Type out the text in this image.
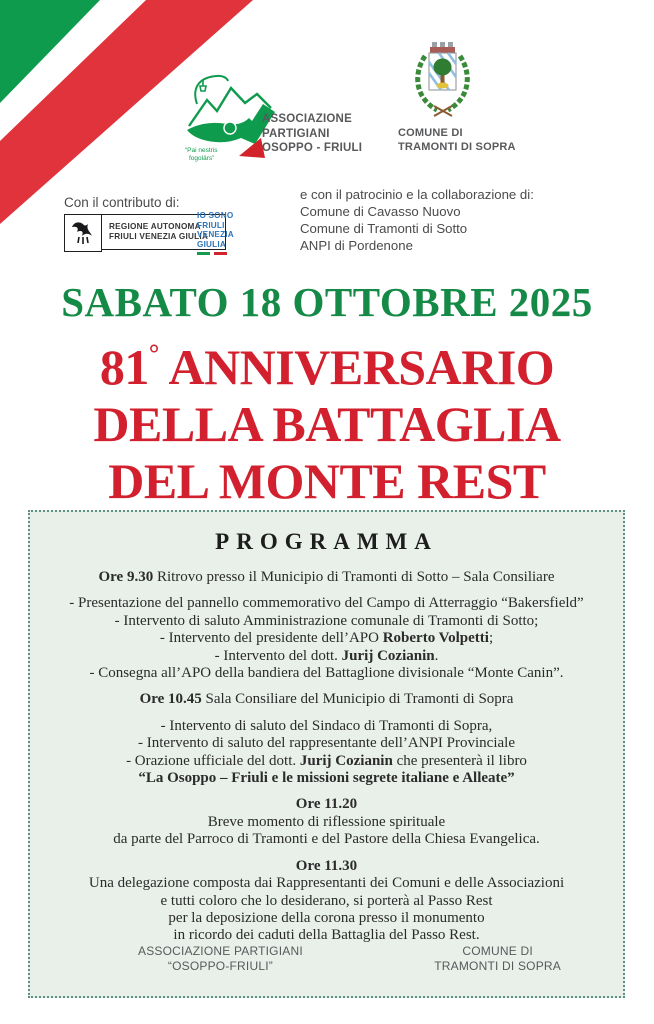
“Pai nestris
fogolârs”
ASSOCIAZIONE
PARTIGIANI
OSOPPO - FRIULI
COMUNE DI
TRAMONTI DI SOPRA
Con il contributo di:
REGIONE AUTONOMA
FRIULI VENEZIA GIULIA
IO SONO
FRIULI
VENEZIA
GIULIA
e con il patrocinio e la collaborazione di:
Comune di Cavasso Nuovo
Comune di Tramonti di Sotto
ANPI di Pordenone
SABATO 18 OTTOBRE 2025
81° ANNIVERSARIO
DELLA BATTAGLIA
DEL MONTE REST
PROGRAMMA
Ore 9.30 Ritrovo presso il Municipio di Tramonti di Sotto – Sala Consiliare
- Presentazione del pannello commemorativo del Campo di Atterraggio “Bakersfield”
- Intervento di saluto Amministrazione comunale di Tramonti di Sotto;
- Intervento del presidente dell’APO Roberto Volpetti;
- Intervento del dott. Jurij Cozianin.
- Consegna all’APO della bandiera del Battaglione divisionale “Monte Canin”.
Ore 10.45 Sala Consiliare del Municipio di Tramonti di Sopra
- Intervento di saluto del Sindaco di Tramonti di Sopra,
- Intervento di saluto del rappresentante dell’ANPI Provinciale
- Orazione ufficiale del dott. Jurij Cozianin che presenterà il libro
“La Osoppo – Friuli e le missioni segrete italiane e Alleate”
Ore 11.20
Breve momento di riflessione spirituale
da parte del Parroco di Tramonti e del Pastore della Chiesa Evangelica.
Ore 11.30
Una delegazione composta dai Rappresentanti dei Comuni e delle Associazioni
e tutti coloro che lo desiderano, si porterà al Passo Rest
per la deposizione della corona presso il monumento
in ricordo dei caduti della Battaglia del Passo Rest.
ASSOCIAZIONE PARTIGIANI
“OSOPPO-FRIULI”
COMUNE DI
TRAMONTI DI SOPRA
